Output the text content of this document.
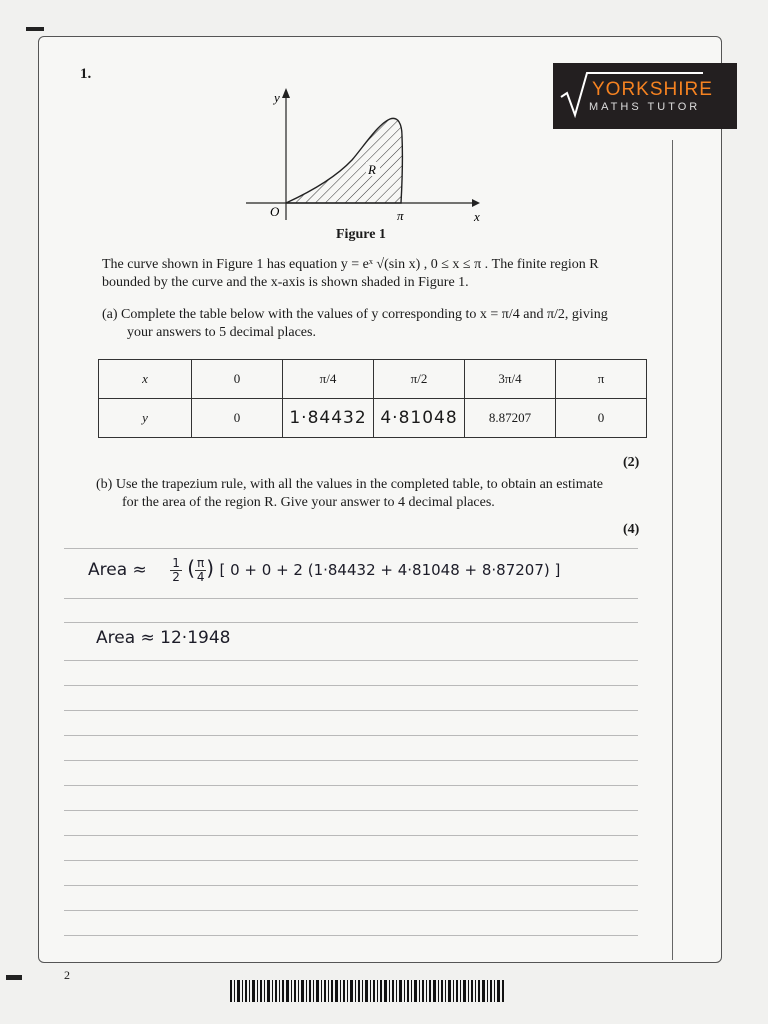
1.
YORKSHIRE
MATHS TUTOR
R
y
x
O	π
Figure 1
The curve shown in Figure 1 has equation y = eˣ √(sin x) , 0 ≤ x ≤ π . The finite region R
bounded by the curve and the x-axis is shown shaded in Figure 1.
(a) Complete the table below with the values of y corresponding to x = π/4 and π/2, giving
your answers to 5 decimal places.
x	0	π/4	π/2	3π/4	π
y	0	1·84432	4·81048	8.87207	0
(2)
(b) Use the trapezium rule, with all the values in the completed table, to obtain an estimate
for the area of the region R. Give your answer to 4 decimal places.
(4)
Area ≈ $\frac{1}{2}$ ( $\frac{\pi}{4}$ ) [ 0 + 0 + 2 (1·84432 + 4·81048 + 8·87207) ]
Area ≈ 12·1948
2
